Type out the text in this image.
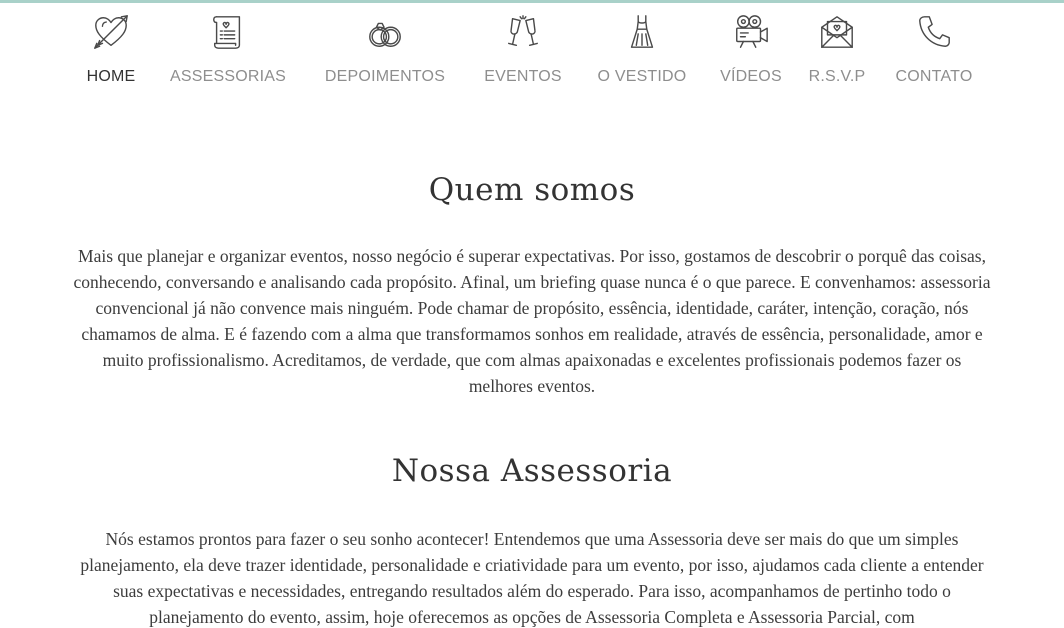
HOME ASSESSORIAS DEPOIMENTOS EVENTOS O VESTIDO VÍDEOS R.S.V.P CONTATO
Quem somos

Mais que planejar e organizar eventos, nosso negócio é superar expectativas. Por isso, gostamos de descobrir o porquê das coisas, conhecendo, conversando e analisando cada propósito. Afinal, um briefing quase nunca é o que parece. E convenhamos: assessoria convencional já não convence mais ninguém. Pode chamar de propósito, essência, identidade, caráter, intenção, coração, nós chamamos de alma. E é fazendo com a alma que transformamos sonhos em realidade, através de essência, personalidade, amor e muito profissionalismo. Acreditamos, de verdade, que com almas apaixonadas e excelentes profissionais podemos fazer os melhores eventos.

Nossa Assessoria

Nós estamos prontos para fazer o seu sonho acontecer! Entendemos que uma Assessoria deve ser mais do que um simples planejamento, ela deve trazer identidade, personalidade e criatividade para um evento, por isso, ajudamos cada cliente a entender suas expectativas e necessidades, entregando resultados além do esperado. Para isso, acompanhamos de pertinho todo o planejamento do evento, assim, hoje oferecemos as opções de Assessoria Completa e Assessoria Parcial, com
